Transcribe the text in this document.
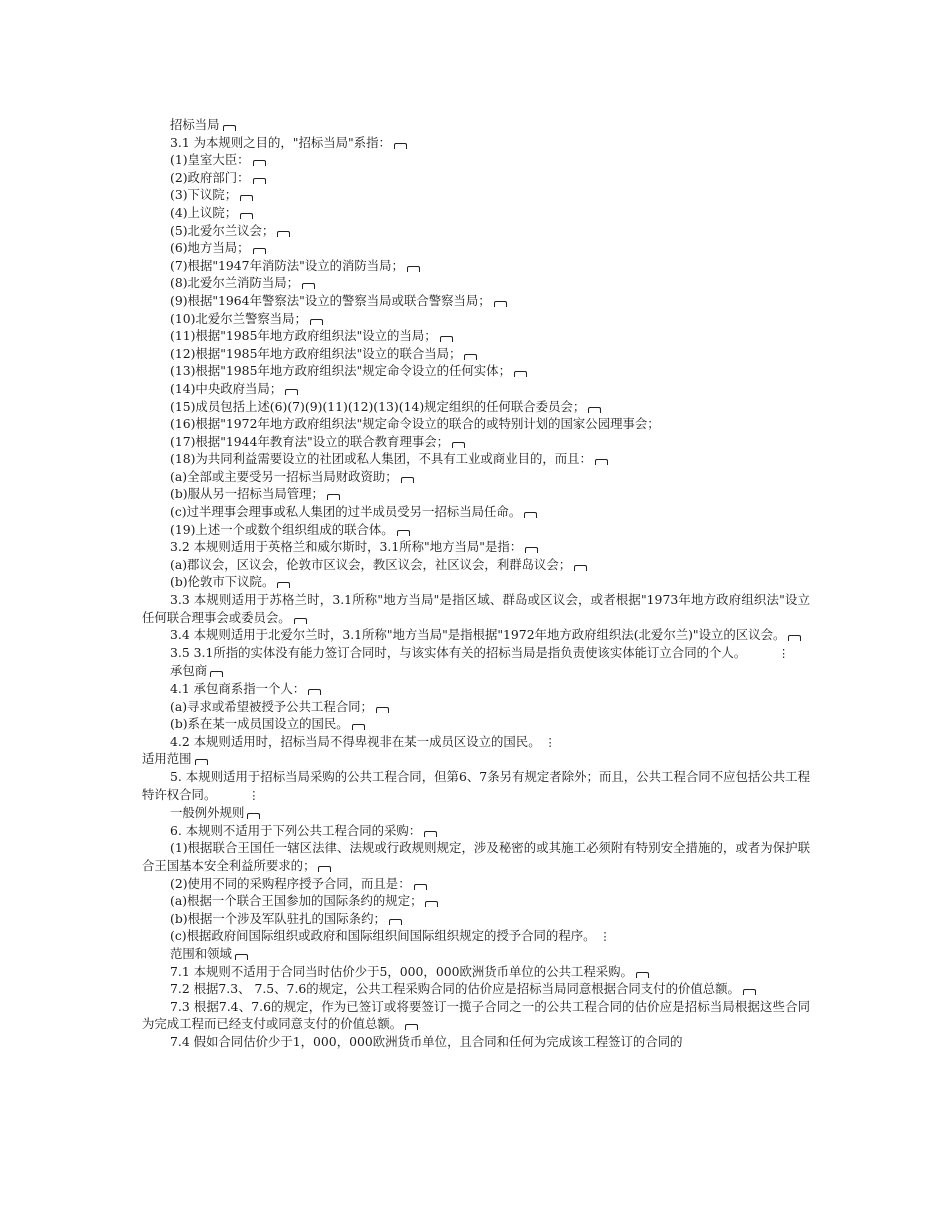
招标当局
3.1 为本规则之目的，"招标当局"系指：
(1)皇室大臣：
(2)政府部门：
(3)下议院；
(4)上议院；
(5)北爱尔兰议会；
(6)地方当局；
(7)根据"1947年消防法"设立的消防当局；
(8)北爱尔兰消防当局；
(9)根据"1964年警察法"设立的警察当局或联合警察当局；
(10)北爱尔兰警察当局；
(11)根据"1985年地方政府组织法"设立的当局；
(12)根据"1985年地方政府组织法"设立的联合当局；
(13)根据"1985年地方政府组织法"规定命令设立的任何实体；
(14)中央政府当局；
(15)成员包括上述(6)(7)(9)(11)(12)(13)(14)规定组织的任何联合委员会；
(16)根据"1972年地方政府组织法"规定命令设立的联合的或特别计划的国家公园理事会；
(17)根据"1944年教育法"设立的联合教育理事会；
(18)为共同利益需要设立的社团或私人集团，不具有工业或商业目的，而且：
(a)全部或主要受另一招标当局财政资助；
(b)服从另一招标当局管理；
(c)过半理事会理事或私人集团的过半成员受另一招标当局任命。
(19)上述一个或数个组织组成的联合体。
3.2 本规则适用于英格兰和威尔斯时，3.1所称"地方当局"是指：
(a)郡议会，区议会，伦敦市区议会，教区议会，社区议会，利群岛议会；
(b)伦敦市下议院。
3.3 本规则适用于苏格兰时，3.1所称"地方当局"是指区域、群岛或区议会，或者根据"1973年地方政府组织法"设立任何联合理事会或委员会。
3.4 本规则适用于北爱尔兰时，3.1所称"地方当局"是指根据"1972年地方政府组织法(北爱尔兰)"设立的区议会。
3.5 3.1所指的实体没有能力签订合同时，与该实体有关的招标当局是指负责使该实体能订立合同的个人。	⋮
承包商
4.1 承包商系指一个人：
(a)寻求或希望被授予公共工程合同；
(b)系在某一成员国设立的国民。
4.2 本规则适用时，招标当局不得卑视非在某一成员区设立的国民。 ⋮
适用范围
5. 本规则适用于招标当局采购的公共工程合同，但第6、7条另有规定者除外；而且，公共工程合同不应包括公共工程特许权合同。	⋮
一般例外规则
6. 本规则不适用于下列公共工程合同的采购：
(1)根据联合王国任一辖区法律、法规或行政规则规定，涉及秘密的或其施工必须附有特别安全措施的，或者为保护联合王国基本安全利益所要求的；
(2)使用不同的采购程序授予合同，而且是：
(a)根据一个联合王国参加的国际条约的规定；
(b)根据一个涉及军队驻扎的国际条约；
(c)根据政府间国际组织或政府和国际组织间国际组织规定的授予合同的程序。 ⋮
范围和领域
7.1 本规则不适用于合同当时估价少于5，000，000欧洲货币单位的公共工程采购。
7.2 根据7.3、 7.5、7.6的规定，公共工程采购合同的估价应是招标当局同意根据合同支付的价值总额。
7.3 根据7.4、7.6的规定，作为已签订或将要签订一揽子合同之一的公共工程合同的估价应是招标当局根据这些合同为完成工程而已经支付或同意支付的价值总额。
7.4 假如合同估价少于1，000，000欧洲货币单位，且合同和任何为完成该工程签订的合同的
